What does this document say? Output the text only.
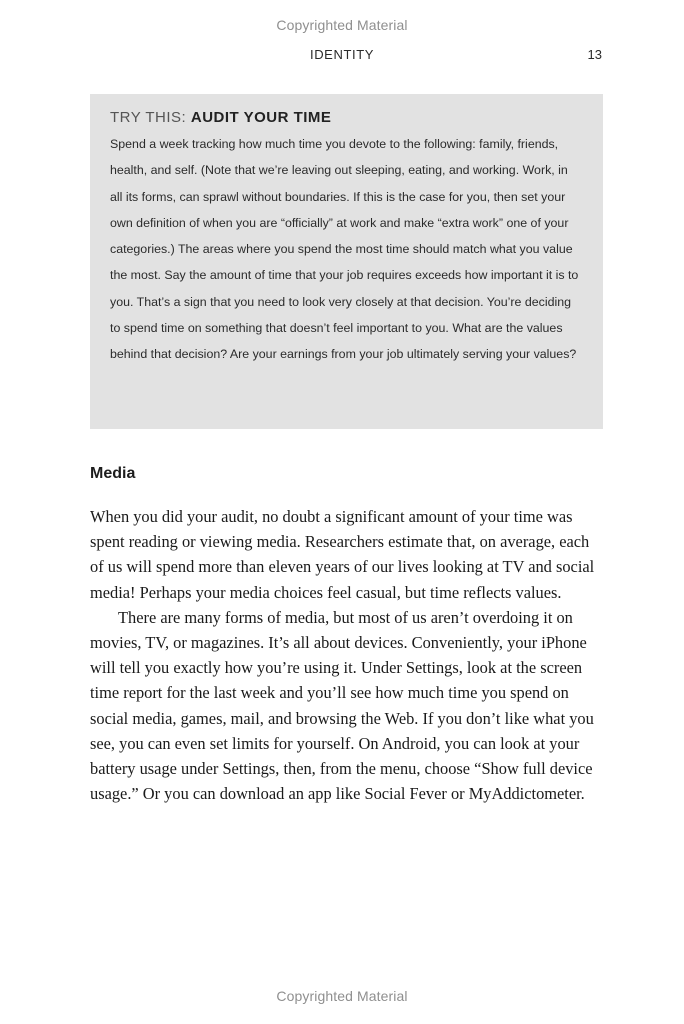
Copyrighted Material
IDENTITY	13
TRY THIS: AUDIT YOUR TIME

Spend a week tracking how much time you devote to the following: family, friends, health, and self. (Note that we’re leaving out sleeping, eating, and working. Work, in all its forms, can sprawl without boundaries. If this is the case for you, then set your own definition of when you are “officially” at work and make “extra work” one of your categories.) The areas where you spend the most time should match what you value the most. Say the amount of time that your job requires exceeds how important it is to you. That’s a sign that you need to look very closely at that decision. You’re deciding to spend time on something that doesn’t feel important to you. What are the values behind that decision? Are your earnings from your job ultimately serving your values?

Media

When you did your audit, no doubt a significant amount of your time was spent reading or viewing media. Researchers estimate that, on average, each of us will spend more than eleven years of our lives looking at TV and social media! Perhaps your media choices feel casual, but time reflects values.

There are many forms of media, but most of us aren’t overdoing it on movies, TV, or magazines. It’s all about devices. Conveniently, your iPhone will tell you exactly how you’re using it. Under Settings, look at the screen time report for the last week and you’ll see how much time you spend on social media, games, mail, and browsing the Web. If you don’t like what you see, you can even set limits for yourself. On Android, you can look at your battery usage under Settings, then, from the menu, choose “Show full device usage.” Or you can download an app like Social Fever or MyAddictometer.

Copyrighted Material
